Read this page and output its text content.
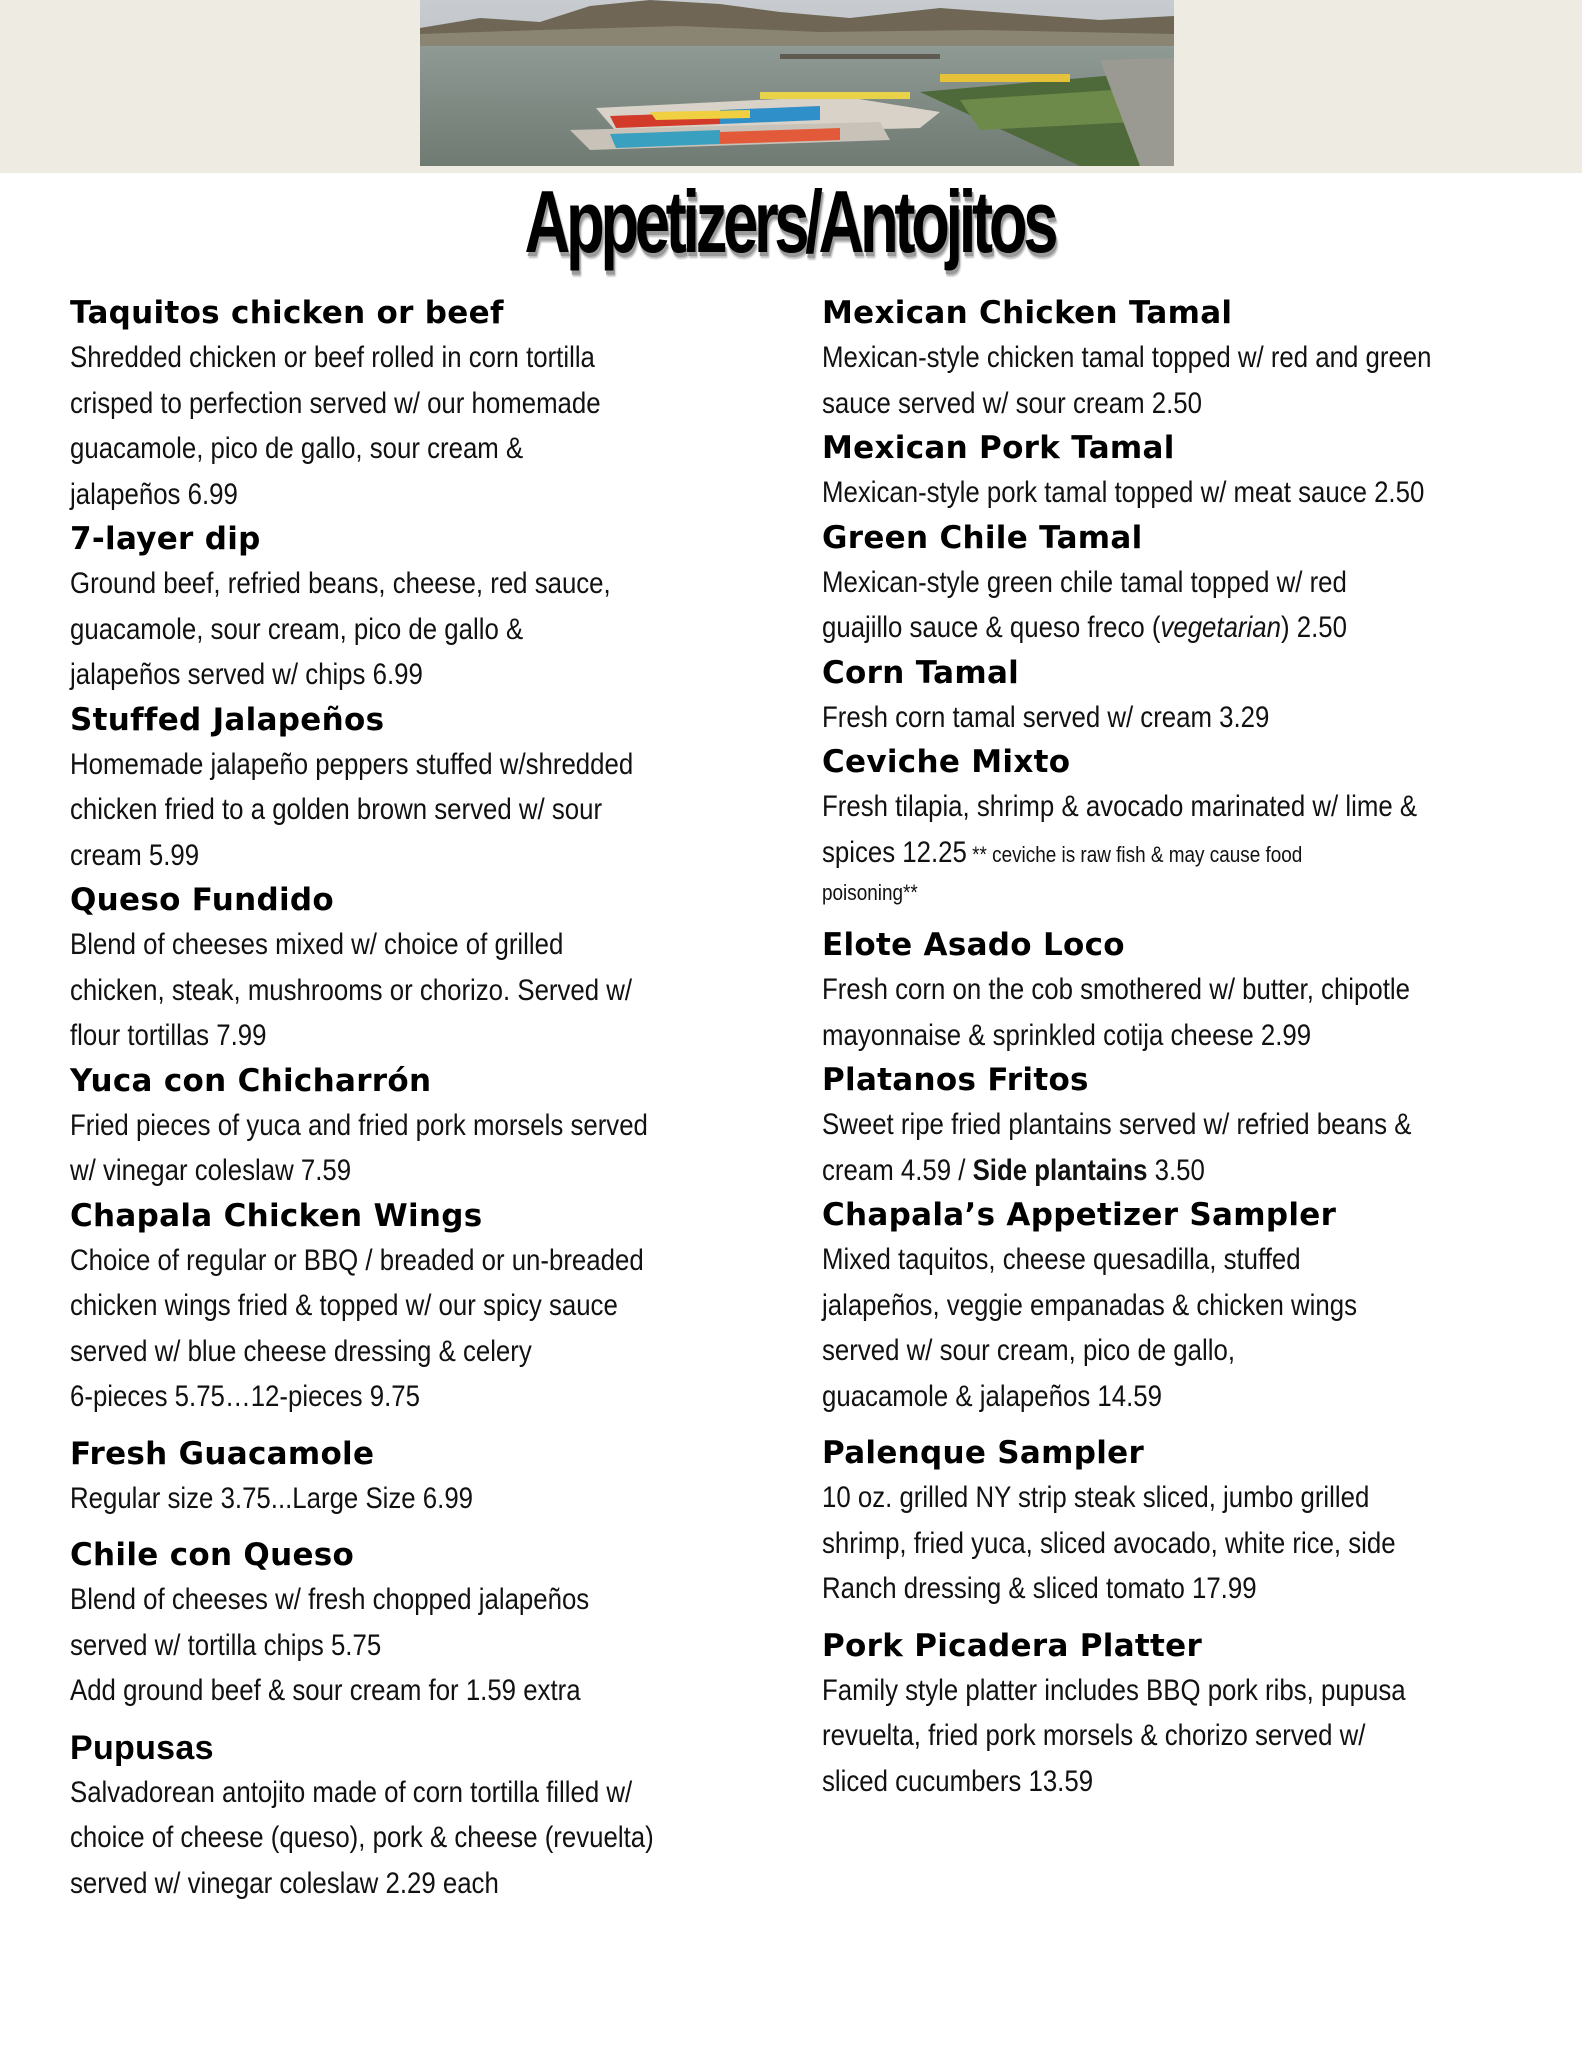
Appetizers/Antojitos
Taquitos chicken or beef
Shredded chicken or beef rolled in corn tortilla
crisped to perfection served w/ our homemade
guacamole, pico de gallo, sour cream &
jalapeños 6.99
7-layer dip
Ground beef, refried beans, cheese, red sauce,
guacamole, sour cream, pico de gallo &
jalapeños served w/ chips 6.99
Stuffed Jalapeños
Homemade jalapeño peppers stuffed w/shredded
chicken fried to a golden brown served w/ sour
cream 5.99
Queso Fundido
Blend of cheeses mixed w/ choice of grilled
chicken, steak, mushrooms or chorizo. Served w/
flour tortillas 7.99
Yuca con Chicharrón
Fried pieces of yuca and fried pork morsels served
w/ vinegar coleslaw 7.59
Chapala Chicken Wings
Choice of regular or BBQ / breaded or un-breaded
chicken wings fried & topped w/ our spicy sauce
served w/ blue cheese dressing & celery
6-pieces 5.75…12-pieces 9.75
Fresh Guacamole
Regular size 3.75...Large Size 6.99
Chile con Queso
Blend of cheeses w/ fresh chopped jalapeños
served w/ tortilla chips 5.75
Add ground beef & sour cream for 1.59 extra
Pupusas
Salvadorean antojito made of corn tortilla filled w/
choice of cheese (queso), pork & cheese (revuelta)
served w/ vinegar coleslaw 2.29 each
Mexican Chicken Tamal
Mexican-style chicken tamal topped w/ red and green
sauce served w/ sour cream 2.50
Mexican Pork Tamal
Mexican-style pork tamal topped w/ meat sauce 2.50
Green Chile Tamal
Mexican-style green chile tamal topped w/ red
guajillo sauce & queso freco (vegetarian) 2.50
Corn Tamal
Fresh corn tamal served w/ cream 3.29
Ceviche Mixto
Fresh tilapia, shrimp & avocado marinated w/ lime &
spices 12.25 ** ceviche is raw fish & may cause food
poisoning**
Elote Asado Loco
Fresh corn on the cob smothered w/ butter, chipotle
mayonnaise & sprinkled cotija cheese 2.99
Platanos Fritos
Sweet ripe fried plantains served w/ refried beans &
cream 4.59 / Side plantains 3.50
Chapala’s Appetizer Sampler
Mixed taquitos, cheese quesadilla, stuffed
jalapeños, veggie empanadas & chicken wings
served w/ sour cream, pico de gallo,
guacamole & jalapeños 14.59
Palenque Sampler
10 oz. grilled NY strip steak sliced, jumbo grilled
shrimp, fried yuca, sliced avocado, white rice, side
Ranch dressing & sliced tomato 17.99
Pork Picadera Platter
Family style platter includes BBQ pork ribs, pupusa
revuelta, fried pork morsels & chorizo served w/
sliced cucumbers 13.59
